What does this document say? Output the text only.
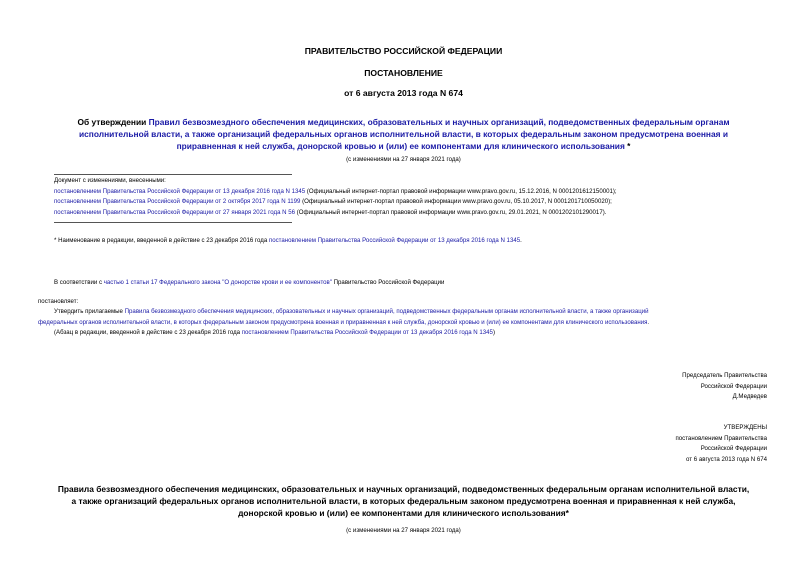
ПРАВИТЕЛЬСТВО РОССИЙСКОЙ ФЕДЕРАЦИИ
ПОСТАНОВЛЕНИЕ
от 6 августа 2013 года N 674
Об утверждении Правил безвозмездного обеспечения медицинских, образовательных и научных организаций, подведомственных федеральным органам
исполнительной власти, а также организаций федеральных органов исполнительной власти, в которых федеральным законом предусмотрена военная и
приравненная к ней служба, донорской кровью и (или) ее компонентами для клинического использования *
(с изменениями на 27 января 2021 года)
Документ с изменениями, внесенными:
постановлением Правительства Российской Федерации от 13 декабря 2016 года N 1345 (Официальный интернет-портал правовой информации www.pravo.gov.ru, 15.12.2016, N 0001201612150001);
постановлением Правительства Российской Федерации от 2 октября 2017 года N 1199 (Официальный интернет-портал правовой информации www.pravo.gov.ru, 05.10.2017, N 0001201710050020);
постановлением Правительства Российской Федерации от 27 января 2021 года N 56 (Официальный интернет-портал правовой информации www.pravo.gov.ru, 29.01.2021, N 0001202101290017).
* Наименование в редакции, введенной в действие с 23 декабря 2016 года постановлением Правительства Российской Федерации от 13 декабря 2016 года N 1345.
В соответствии с частью 1 статьи 17 Федерального закона "О донорстве крови и ее компонентов" Правительство Российской Федерации
постановляет:
Утвердить прилагаемые Правила безвозмездного обеспечения медицинских, образовательных и научных организаций, подведомственных федеральным органам исполнительной власти, а также организаций
федеральных органов исполнительной власти, в которых федеральным законом предусмотрена военная и приравненная к ней служба, донорской кровью и (или) ее компонентами для клинического использования.
(Абзац в редакции, введенной в действие с 23 декабря 2016 года постановлением Правительства Российской Федерации от 13 декабря 2016 года N 1345)
Председатель Правительства
Российской Федерации
Д.Медведев
УТВЕРЖДЕНЫ
постановлением Правительства
Российской Федерации
от 6 августа 2013 года N 674
Правила безвозмездного обеспечения медицинских, образовательных и научных организаций, подведомственных федеральным органам исполнительной власти,
а также организаций федеральных органов исполнительной власти, в которых федеральным законом предусмотрена военная и приравненная к ней служба,
донорской кровью и (или) ее компонентами для клинического использования*
(с изменениями на 27 января 2021 года)
